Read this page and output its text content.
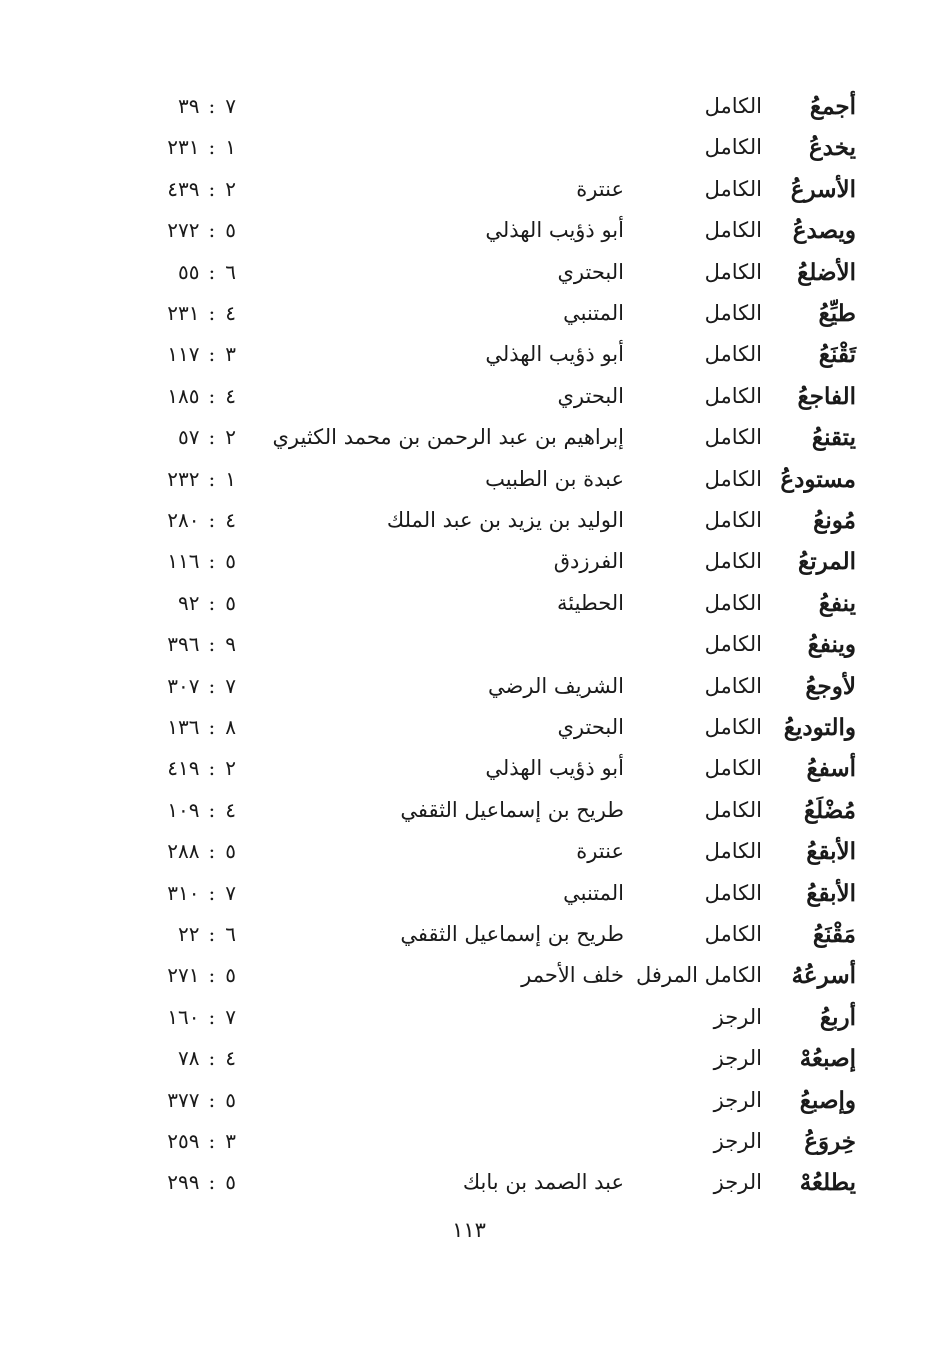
أجمعُ
الكامل
٣٩ : ٧
يخدعُ
الكامل
٢٣١ : ١
الأسرعُ
الكامل
عنترة
٤٣٩ : ٢
ويصدعُ
الكامل
أبو ذؤيب الهذلي
٢٧٢ : ٥
الأضلعُ
الكامل
البحتري
٥٥ : ٦
طيِّعُ
الكامل
المتنبي
٢٣١ : ٤
تَقْنَعُ
الكامل
أبو ذؤيب الهذلي
١١٧ : ٣
الفاجعُ
الكامل
البحتري
١٨٥ : ٤
يتقنعُ
الكامل
إبراهيم بن عبد الرحمن بن محمد الكثيري
٥٧ : ٢
مستودعُ
الكامل
عبدة بن الطبيب
٢٣٢ : ١
مُونعُ
الكامل
الوليد بن يزيد بن عبد الملك
٢٨٠ : ٤
المرتعُ
الكامل
الفرزدق
١١٦ : ٥
ينفعُ
الكامل
الحطيئة
٩٢ : ٥
وينفعُ
الكامل
٣٩٦ : ٩
لأوجعُ
الكامل
الشريف الرضي
٣٠٧ : ٧
والتوديعُ
الكامل
البحتري
١٣٦ : ٨
أسفعُ
الكامل
أبو ذؤيب الهذلي
٤١٩ : ٢
مُضْلَعُ
الكامل
طريح بن إسماعيل الثقفي
١٠٩ : ٤
الأبقعُ
الكامل
عنترة
٢٨٨ : ٥
الأبقعُ
الكامل
المتنبي
٣١٠ : ٧
مَقْنَعُ
الكامل
طريح بن إسماعيل الثقفي
٢٢ : ٦
أسرعُهُ
الكامل المرفل
خلف الأحمر
٢٧١ : ٥
أربعُ
الرجز
١٦٠ : ٧
إصبعُهْ
الرجز
٧٨ : ٤
وإصبعُ
الرجز
٣٧٧ : ٥
خِروَعُ
الرجز
٢٥٩ : ٣
يطلعُهْ
الرجز
عبد الصمد بن بابك
٢٩٩ : ٥
١١٣
